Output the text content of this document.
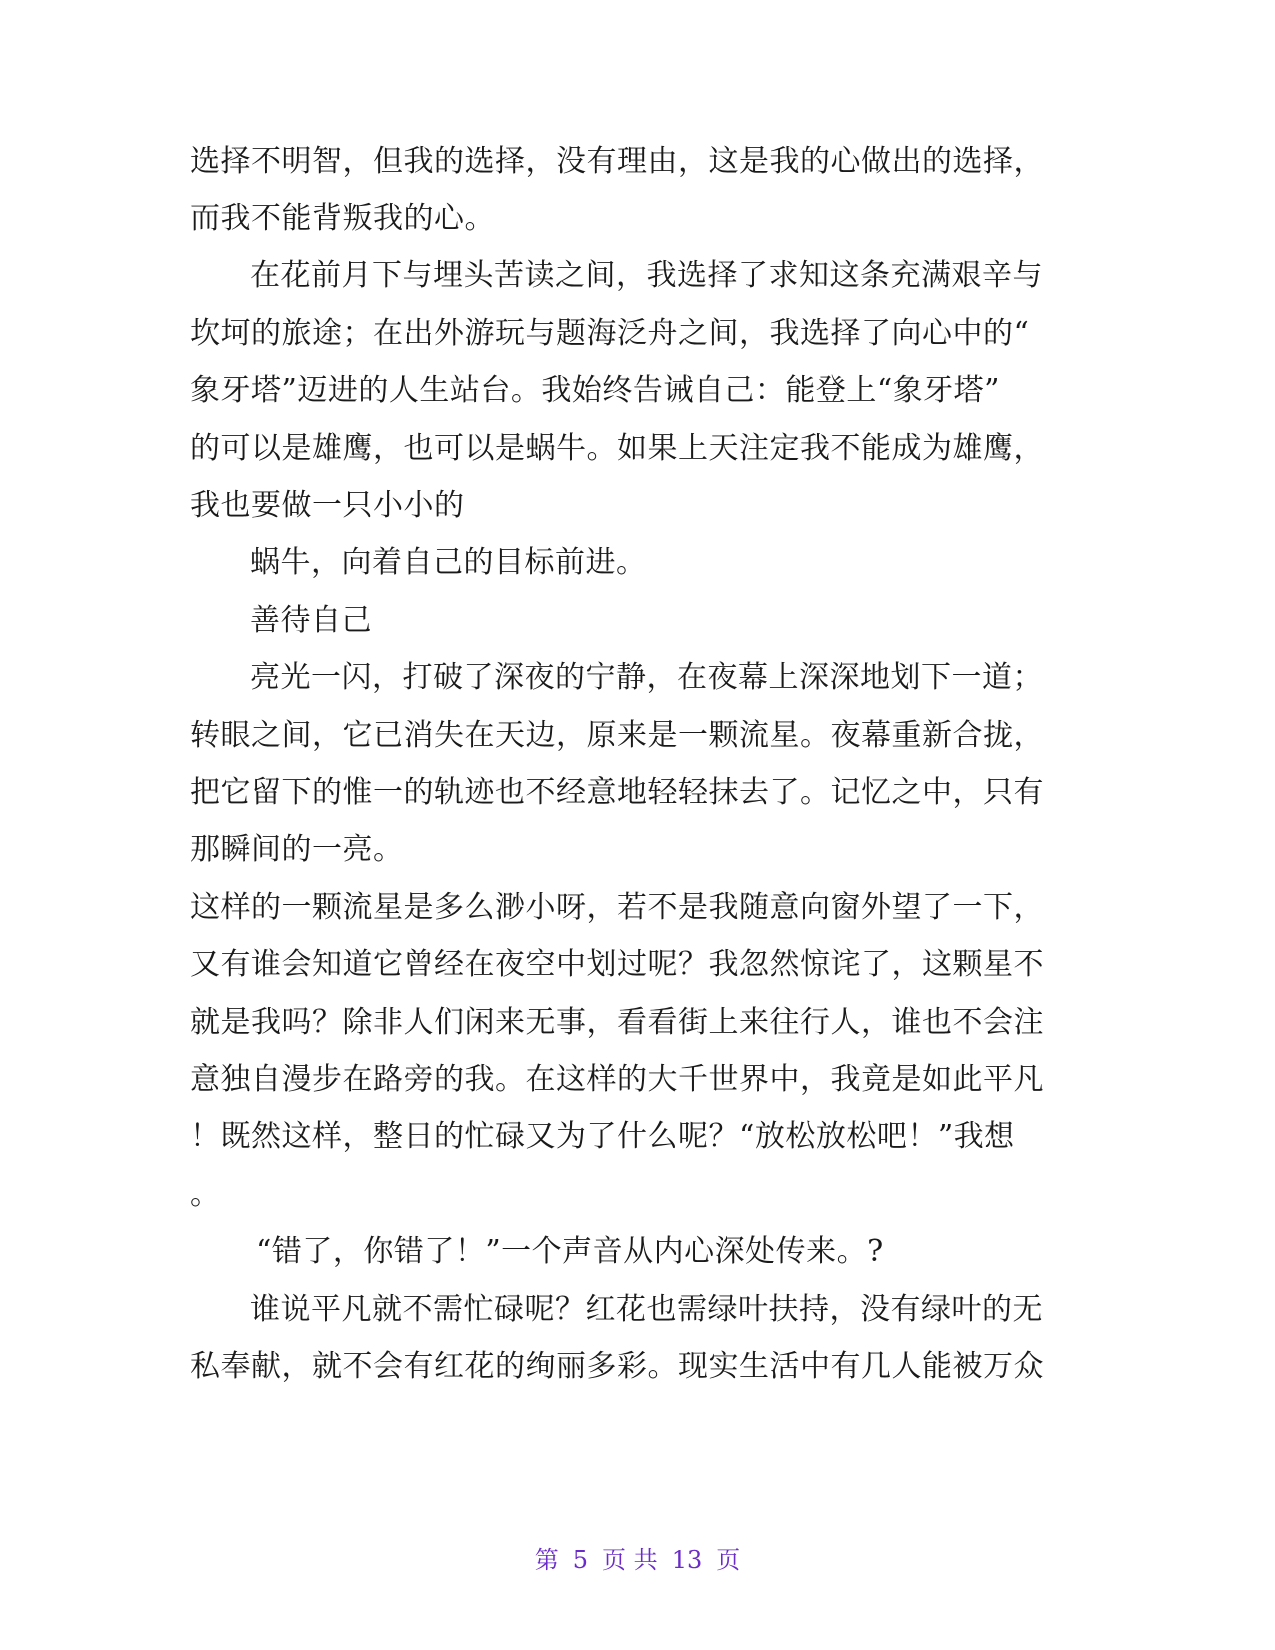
选择不明智，但我的选择，没有理由，这是我的心做出的选择，
而我不能背叛我的心。
在花前月下与埋头苦读之间，我选择了求知这条充满艰辛与
坎坷的旅途；在出外游玩与题海泛舟之间，我选择了向心中的“
象牙塔”迈进的人生站台。我始终告诫自己：能登上“象牙塔”
的可以是雄鹰，也可以是蜗牛。如果上天注定我不能成为雄鹰，
我也要做一只小小的
蜗牛，向着自己的目标前进。
善待自己
亮光一闪，打破了深夜的宁静，在夜幕上深深地划下一道；
转眼之间，它已消失在天边，原来是一颗流星。夜幕重新合拢，
把它留下的惟一的轨迹也不经意地轻轻抹去了。记忆之中，只有
那瞬间的一亮。
这样的一颗流星是多么渺小呀，若不是我随意向窗外望了一下，
又有谁会知道它曾经在夜空中划过呢？我忽然惊诧了，这颗星不
就是我吗？除非人们闲来无事，看看街上来往行人，谁也不会注
意独自漫步在路旁的我。在这样的大千世界中，我竟是如此平凡
！既然这样，整日的忙碌又为了什么呢？“放松放松吧！”我想
。
“错了，你错了！”一个声音从内心深处传来。?
谁说平凡就不需忙碌呢？红花也需绿叶扶持，没有绿叶的无
私奉献，就不会有红花的绚丽多彩。现实生活中有几人能被万众
第 5 页 共 13 页
